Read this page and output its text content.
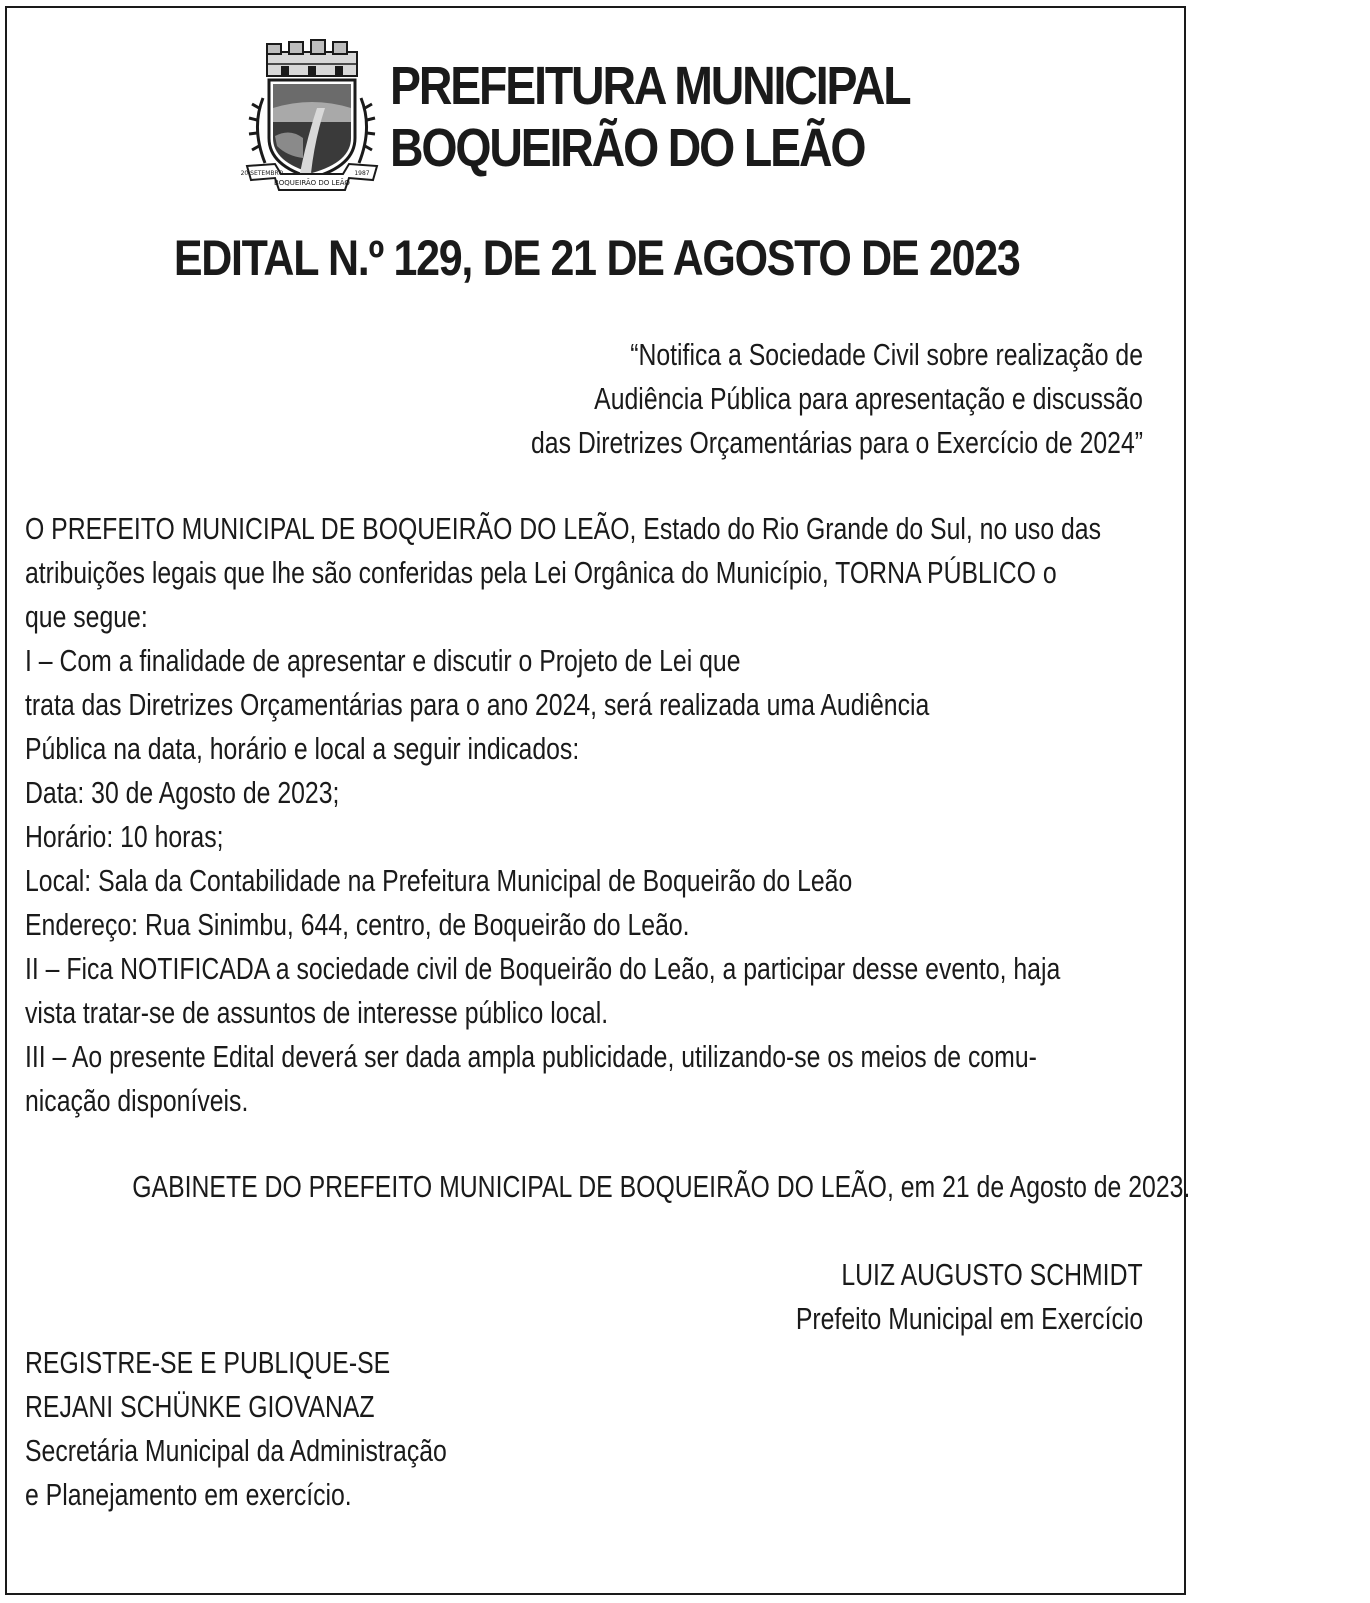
20 SETEMBRO
BOQUEIRÃO DO LEÃO
1987
PREFEITURA MUNICIPAL
BOQUEIRÃO DO LEÃO
EDITAL N.º 129, DE 21 DE AGOSTO DE 2023
“Notifica a Sociedade Civil sobre realização de
Audiência Pública para apresentação e discussão
das Diretrizes Orçamentárias para o Exercício de 2024”
O PREFEITO MUNICIPAL DE BOQUEIRÃO DO LEÃO, Estado do Rio Grande do Sul, no uso das
atribuições legais que lhe são conferidas pela Lei Orgânica do Município, TORNA PÚBLICO o
que segue:
I – Com a finalidade de apresentar e discutir o Projeto de Lei que
trata das Diretrizes Orçamentárias para o ano 2024, será realizada uma Audiência
Pública na data, horário e local a seguir indicados:
Data: 30 de Agosto de 2023;
Horário: 10 horas;
Local: Sala da Contabilidade na Prefeitura Municipal de Boqueirão do Leão
Endereço: Rua Sinimbu, 644, centro, de Boqueirão do Leão.
II – Fica NOTIFICADA a sociedade civil de Boqueirão do Leão, a participar desse evento, haja
vista tratar-se de assuntos de interesse público local.
III – Ao presente Edital deverá ser dada ampla publicidade, utilizando-se os meios de comu-
nicação disponíveis.
GABINETE DO PREFEITO MUNICIPAL DE BOQUEIRÃO DO LEÃO, em 21 de Agosto de 2023.
LUIZ AUGUSTO SCHMIDT
Prefeito Municipal em Exercício
REGISTRE-SE E PUBLIQUE-SE
REJANI SCHÜNKE GIOVANAZ
Secretária Municipal da Administração
e Planejamento em exercício.
